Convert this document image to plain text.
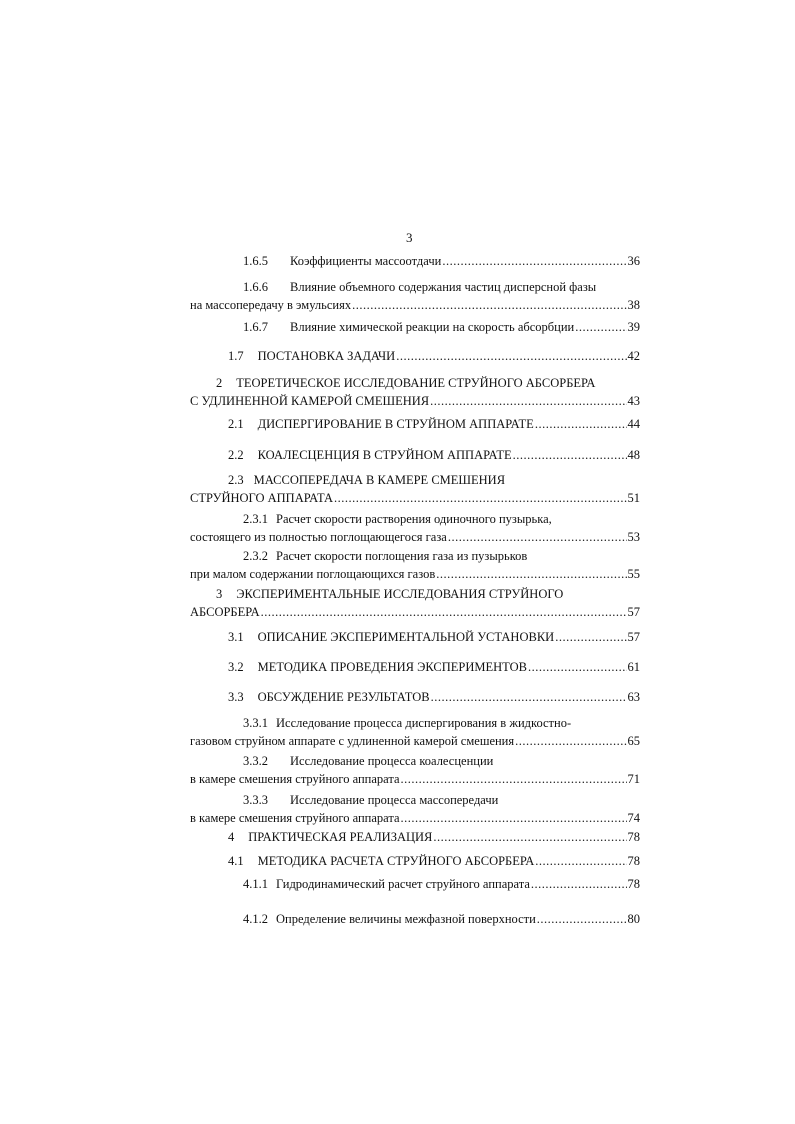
3
1.6.5 Коэффициенты массоотдачи .....	36
1.6.6 Влияние объемного содержания частиц дисперсной фазы
на массопередачу в эмульсиях .....	38
1.6.7 Влияние химической реакции на скорость абсорбции .....	39
1.7 ПОСТАНОВКА ЗАДАЧИ .....	42
2 ТЕОРЕТИЧЕСКОЕ ИССЛЕДОВАНИЕ СТРУЙНОГО АБСОРБЕРА
С УДЛИНЕННОЙ КАМЕРОЙ СМЕШЕНИЯ .....	43
2.1 ДИСПЕРГИРОВАНИЕ В СТРУЙНОМ АППАРАТЕ .....	44
2.2 КОАЛЕСЦЕНЦИЯ В СТРУЙНОМ АППАРАТЕ .....	48
2.3 МАССОПЕРЕДАЧА В КАМЕРЕ СМЕШЕНИЯ
СТРУЙНОГО АППАРАТА .....	51
2.3.1 Расчет скорости растворения одиночного пузырька,
состоящего из полностью поглощающегося газа .....	53
2.3.2 Расчет скорости поглощения газа из пузырьков
при малом содержании поглощающихся газов .....	55
3 ЭКСПЕРИМЕНТАЛЬНЫЕ ИССЛЕДОВАНИЯ СТРУЙНОГО
АБСОРБЕРА .....	57
3.1 ОПИСАНИЕ ЭКСПЕРИМЕНТАЛЬНОЙ УСТАНОВКИ .....	57
3.2 МЕТОДИКА ПРОВЕДЕНИЯ ЭКСПЕРИМЕНТОВ .....	61
3.3 ОБСУЖДЕНИЕ РЕЗУЛЬТАТОВ .....	63
3.3.1 Исследование процесса диспергирования в жидкостно-
газовом струйном аппарате с удлиненной камерой смешения .....	65
3.3.2 Исследование процесса коалесценции
в камере смешения струйного аппарата .....	71
3.3.3 Исследование процесса массопередачи
в камере смешения струйного аппарата .....	74
4 ПРАКТИЧЕСКАЯ РЕАЛИЗАЦИЯ .....	78
4.1 МЕТОДИКА РАСЧЕТА СТРУЙНОГО АБСОРБЕРА .....	78
4.1.1 Гидродинамический расчет струйного аппарата .....	78
4.1.2 Определение величины межфазной поверхности .....	80
